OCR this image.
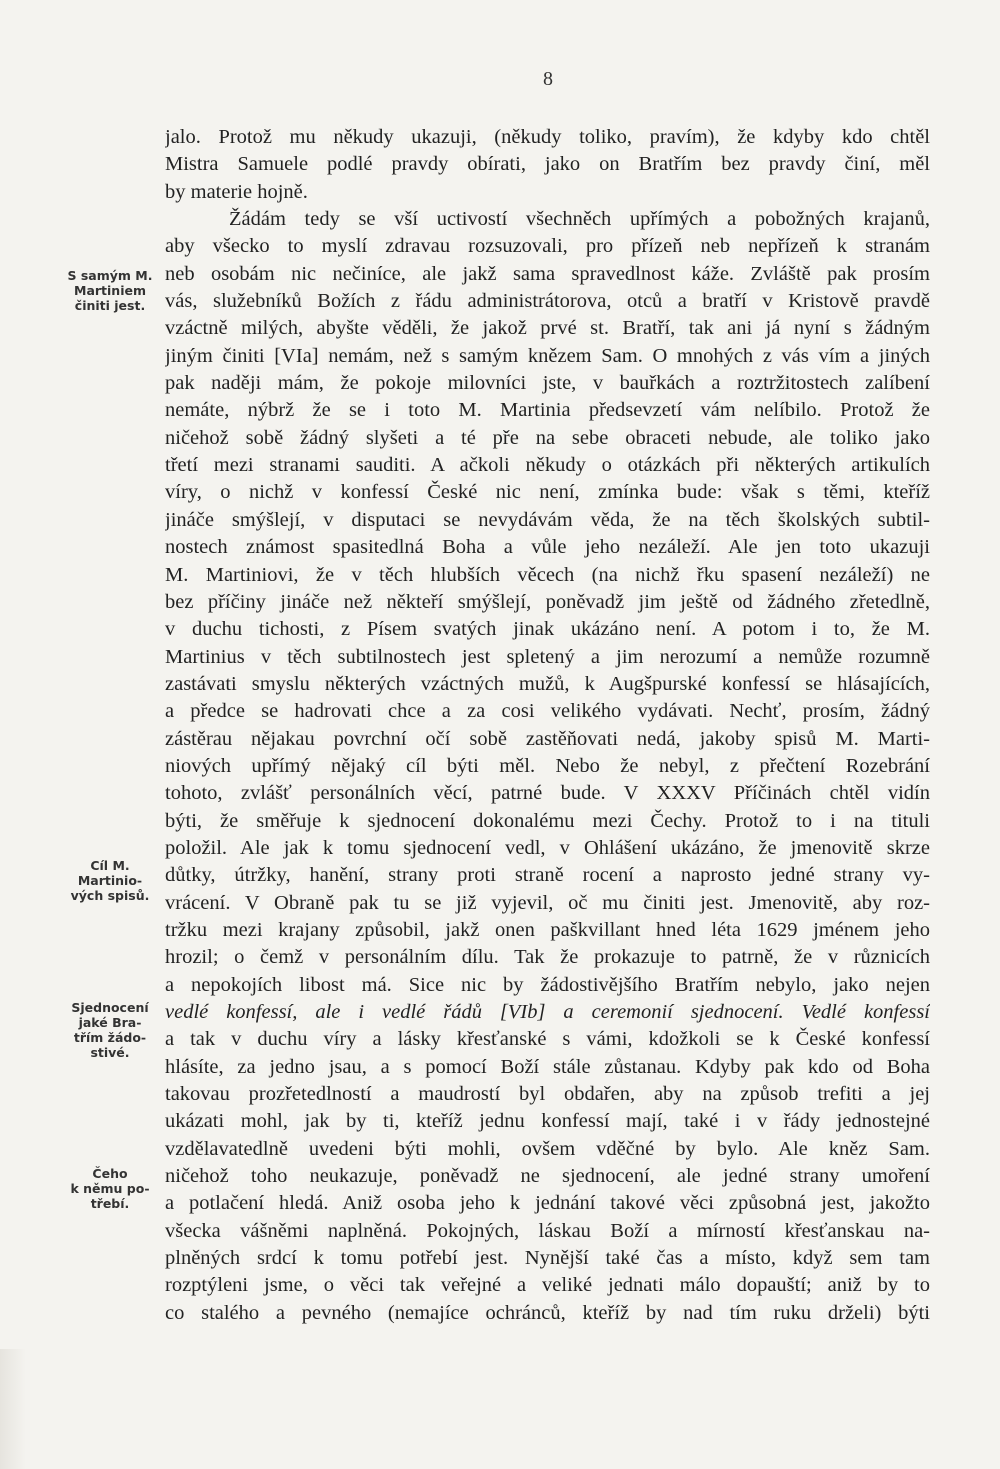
8
S samým M.
Martiniem
činiti jest.
Cíl M.
Martinio-
vých spisů.
Sjednocení
jaké Bra-
třím žádo-
stivé.
Čeho
k němu po-
třebí.
jalo. Protož mu někudy ukazuji, (někudy toliko, pravím), že kdyby kdo chtěl
Mistra Samuele podlé pravdy obírati, jako on Bratřím bez pravdy činí, měl
by materie hojně.
Žádám tedy se vší uctivostí všechněch upřímých a pobožných krajanů,
aby všecko to myslí zdravau rozsuzovali, pro přízeň neb nepřízeň k stranám
neb osobám nic nečiníce, ale jakž sama spravedlnost káže. Zvláště pak prosím
vás, služebníků Božích z řádu administrátorova, otců a bratří v Kristově pravdě
vzáctně milých, abyšte věděli, že jakož prvé st. Bratří, tak ani já nyní s žádným
jiným činiti [VIa] nemám, než s samým knězem Sam. O mnohých z vás vím a jiných
pak naději mám, že pokoje milovníci jste, v bauřkách a roztržitostech zalíbení
nemáte, nýbrž že se i toto M. Martinia předsevzetí vám nelíbilo. Protož že
ničehož sobě žádný slyšeti a té pře na sebe obraceti nebude, ale toliko jako
třetí mezi stranami sauditi. A ačkoli někudy o otázkách při některých artikulích
víry, o nichž v konfessí České nic není, zmínka bude: však s těmi, kteříž
jináče smýšlejí, v disputaci se nevydávám věda, že na těch školských subtil-
nostech známost spasitedlná Boha a vůle jeho nezáleží. Ale jen toto ukazuji
M. Martiniovi, že v těch hlubších věcech (na nichž řku spasení nezáleží) ne
bez příčiny jináče než někteří smýšlejí, poněvadž jim ještě od žádného zřetedlně,
v duchu tichosti, z Písem svatých jinak ukázáno není. A potom i to, že M.
Martinius v těch subtilnostech jest spletený a jim nerozumí a nemůže rozumně
zastávati smyslu některých vzáctných mužů, k Augšpurské konfessí se hlásajících,
a předce se hadrovati chce a za cosi velikého vydávati. Nechť, prosím, žádný
zástěrau nějakau povrchní očí sobě zastěňovati nedá, jakoby spisů M. Marti-
niových upřímý nějaký cíl býti měl. Nebo že nebyl, z přečtení Rozebrání
tohoto, zvlášť personálních věcí, patrné bude. V XXXV Příčinách chtěl vidín
býti, že směřuje k sjednocení dokonalému mezi Čechy. Protož to i na tituli
položil. Ale jak k tomu sjednocení vedl, v Ohlášení ukázáno, že jmenovitě skrze
důtky, útržky, hanění, strany proti straně rocení a naprosto jedné strany vy-
vrácení. V Obraně pak tu se již vyjevil, oč mu činiti jest. Jmenovitě, aby roz-
tržku mezi krajany způsobil, jakž onen paškvillant hned léta 1629 jménem jeho
hrozil; o čemž v personálním dílu. Tak že prokazuje to patrně, že v různicích
a nepokojích libost má. Sice nic by žádostivějšího Bratřím nebylo, jako nejen
vedlé konfessí, ale i vedlé řádů [VIb] a ceremonií sjednocení. Vedlé konfessí
a tak v duchu víry a lásky křesťanské s vámi, kdožkoli se k České konfessí
hlásíte, za jedno jsau, a s pomocí Boží stále zůstanau. Kdyby pak kdo od Boha
takovau prozřetedlností a maudrostí byl obdařen, aby na způsob trefiti a jej
ukázati mohl, jak by ti, kteříž jednu konfessí mají, také i v řády jednostejné
vzdělavatedlně uvedeni býti mohli, ovšem vděčné by bylo. Ale kněz Sam.
ničehož toho neukazuje, poněvadž ne sjednocení, ale jedné strany umoření
a potlačení hledá. Aniž osoba jeho k jednání takové věci způsobná jest, jakožto
všecka vášněmi naplněná. Pokojných, láskau Boží a mírností křesťanskau na-
plněných srdcí k tomu potřebí jest. Nynější také čas a místo, když sem tam
rozptýleni jsme, o věci tak veřejné a veliké jednati málo dopauští; aniž by to
co stalého a pevného (nemajíce ochránců, kteříž by nad tím ruku drželi) býti
